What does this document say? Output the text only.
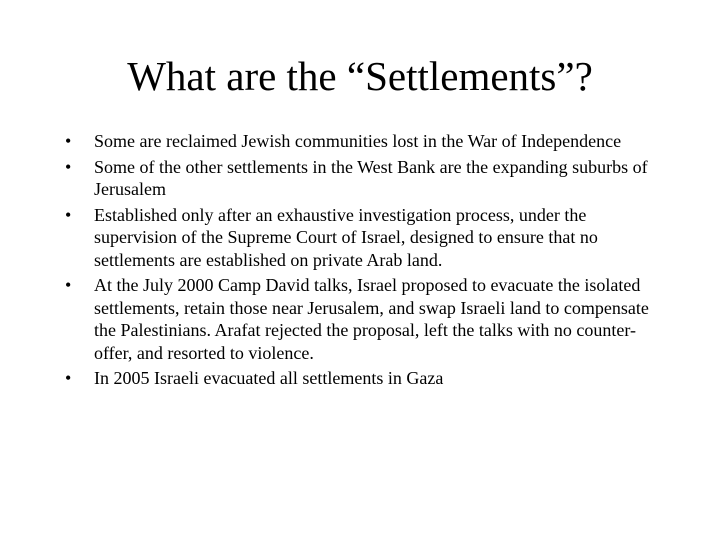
What are the “Settlements”?
•	Some are reclaimed Jewish communities lost in the War of Independence
•	Some of the other settlements in the West Bank are the expanding suburbs of Jerusalem
•	Established only after an exhaustive investigation process, under the supervision of the Supreme Court of Israel, designed to ensure that no settlements are established on private Arab land.
•	At the July 2000 Camp David talks, Israel proposed to evacuate the isolated settlements, retain those near Jerusalem, and swap Israeli land to compensate the Palestinians. Arafat rejected the proposal, left the talks with no counter-offer, and resorted to violence.
•	In 2005 Israeli evacuated all settlements in Gaza
